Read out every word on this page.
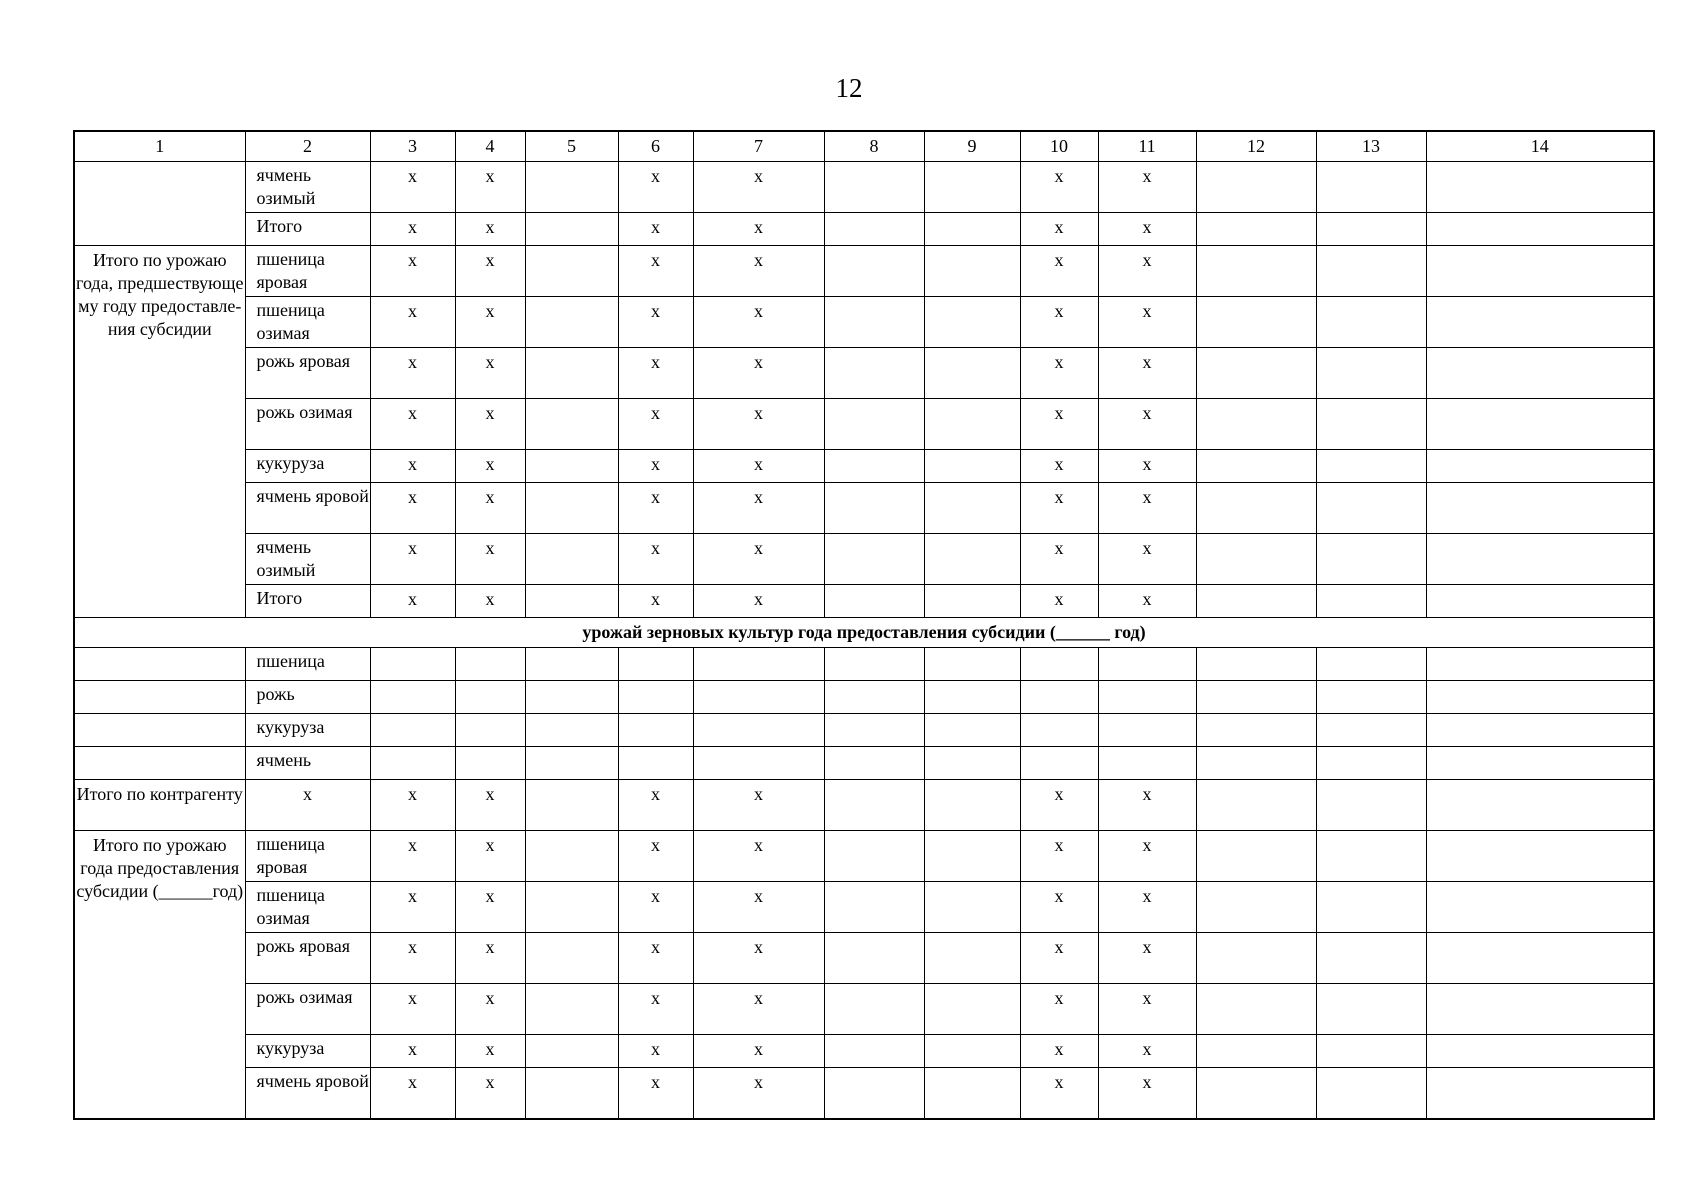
12
1	2	3	4	5	6	7	8	9	10	11	12	13	14
	ячмень озимый	х	х		х	х			х	х			
	Итого	х	х		х	х			х	х			
Итого по урожаю года, предшествующе му году предоставле-ния субсидии	пшеница яровая	х	х		х	х			х	х			
	пшеница озимая	х	х		х	х			х	х			
	рожь яровая	х	х		х	х			х	х			
	рожь озимая	х	х		х	х			х	х			
	кукуруза	х	х		х	х			х	х			
	ячмень яровой	х	х		х	х			х	х			
	ячмень озимый	х	х		х	х			х	х			
	Итого	х	х		х	х			х	х			
урожай зерновых культур года предоставления субсидии (______ год)													
	пшеница												
	рожь												
	кукуруза												
	ячмень												
Итого по контрагенту	х	х	х		х	х			х	х			
Итого по урожаю года предоставления субсидии (______год)	пшеница яровая	х	х		х	х			х	х			
	пшеница озимая	х	х		х	х			х	х			
	рожь яровая	х	х		х	х			х	х			
	рожь озимая	х	х		х	х			х	х			
	кукуруза	х	х		х	х			х	х			
	ячмень яровой	х	х		х	х			х	х			
